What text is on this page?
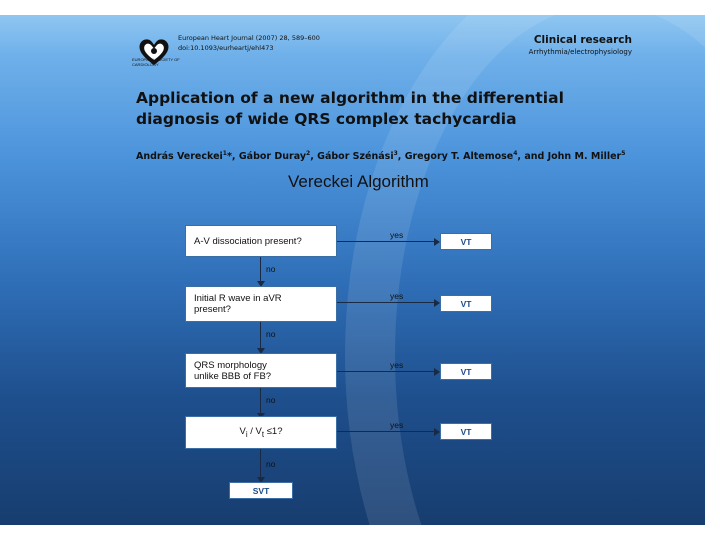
EUROPEAN SOCIETY OF CARDIOLOGY
European Heart Journal (2007) 28, 589–600
doi:10.1093/eurheartj/ehl473
Clinical research
Arrhythmia/electrophysiology
Application of a new algorithm in the differential diagnosis of wide QRS complex tachycardia
András Vereckei$^1$*, Gábor Duray$^2$, Gábor Szénási$^3$, Gregory T. Altemose$^4$, and John M. Miller$^5$
Vereckei Algorithm
A-V dissociation present?
Initial R wave in aVR
present?
QRS morphology
unlike BBB of FB?
$V_i / V_t \le 1$?
VT
VT
VT
VT
SVT
yes
yes
yes
yes
no
no
no
no
